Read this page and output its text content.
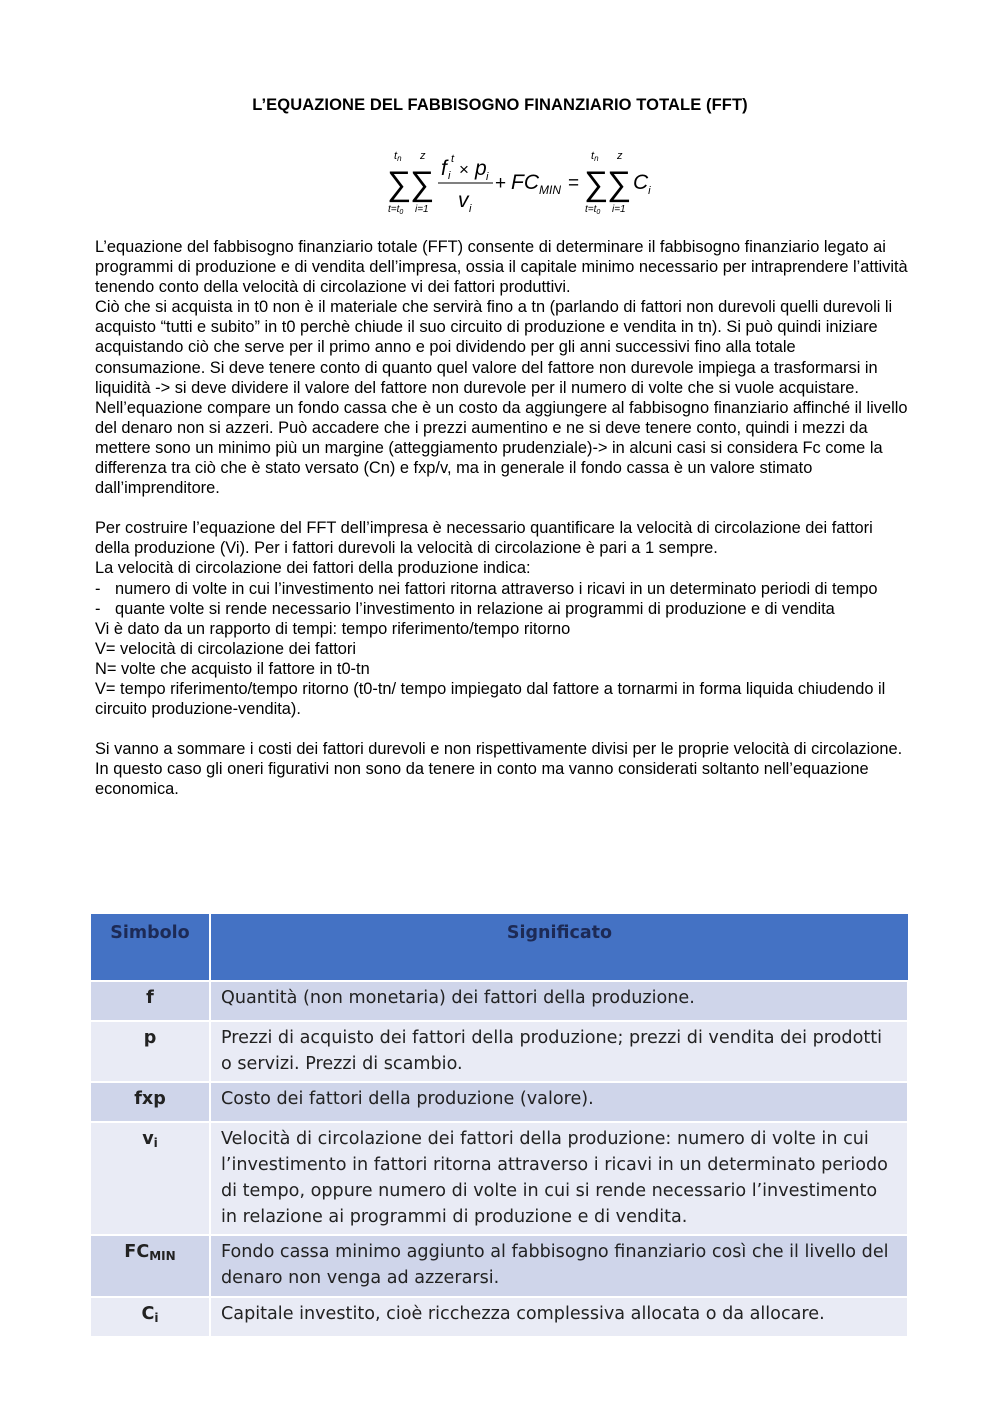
L’EQUAZIONE DEL FABBISOGNO FINANZIARIO TOTALE (FFT)
∑
∑
tn z
$t=t_0$ i=1
f t
i × p i
v i
+ $FC_{MIN}$ = ∑
∑
tn z
$t=t_0$ i=1
$C_i$

L’equazione del fabbisogno finanziario totale (FFT) consente di determinare il fabbisogno finanziario legato ai programmi di produzione e di vendita dell’impresa, ossia il capitale minimo necessario per intraprendere l’attività tenendo conto della velocità di circolazione vi dei fattori produttivi.

Ciò che si acquista in t0 non è il materiale che servirà fino a tn (parlando di fattori non durevoli quelli durevoli li acquisto “tutti e subito” in t0 perchè chiude il suo circuito di produzione e vendita in tn). Si può quindi iniziare acquistando ciò che serve per il primo anno e poi dividendo per gli anni successivi fino alla totale consumazione. Si deve tenere conto di quanto quel valore del fattore non durevole impiega a trasformarsi in liquidità -> si deve dividere il valore del fattore non durevole per il numero di volte che si vuole acquistare.

Nell’equazione compare un fondo cassa che è un costo da aggiungere al fabbisogno finanziario affinché il livello del denaro non si azzeri. Può accadere che i prezzi aumentino e ne si deve tenere conto, quindi i mezzi da mettere sono un minimo più un margine (atteggiamento prudenziale)-> in alcuni casi si considera Fc come la differenza tra ciò che è stato versato (Cn) e fxp/v, ma in generale il fondo cassa è un valore stimato dall’imprenditore.

Per costruire l’equazione del FFT dell’impresa è necessario quantificare la velocità di circolazione dei fattori della produzione (Vi). Per i fattori durevoli la velocità di circolazione è pari a 1 sempre.

La velocità di circolazione dei fattori della produzione indica:

- numero di volte in cui l’investimento nei fattori ritorna attraverso i ricavi in un determinato periodi di tempo
- quante volte si rende necessario l’investimento in relazione ai programmi di produzione e di vendita

Vi è dato da un rapporto di tempi: tempo riferimento/tempo ritorno

V= velocità di circolazione dei fattori

N= volte che acquisto il fattore in t0-tn

V= tempo riferimento/tempo ritorno (t0-tn/ tempo impiegato dal fattore a tornarmi in forma liquida chiudendo il circuito produzione-vendita).

Si vanno a sommare i costi dei fattori durevoli e non rispettivamente divisi per le proprie velocità di circolazione. In questo caso gli oneri figurativi non sono da tenere in conto ma vanno considerati soltanto nell’equazione economica.

Simbolo	Significato
f	Quantità (non monetaria) dei fattori della produzione.
p	Prezzi di acquisto dei fattori della produzione; prezzi di vendita dei prodotti o servizi. Prezzi di scambio.
fxp	Costo dei fattori della produzione (valore).
$v_i$	Velocità di circolazione dei fattori della produzione: numero di volte in cui l’investimento in fattori ritorna attraverso i ricavi in un determinato periodo di tempo, oppure numero di volte in cui si rende necessario l’investimento in relazione ai programmi di produzione e di vendita.
$FC_{MIN}$	Fondo cassa minimo aggiunto al fabbisogno finanziario così che il livello del denaro non venga ad azzerarsi.
$C_i$	Capitale investito, cioè ricchezza complessiva allocata o da allocare.
